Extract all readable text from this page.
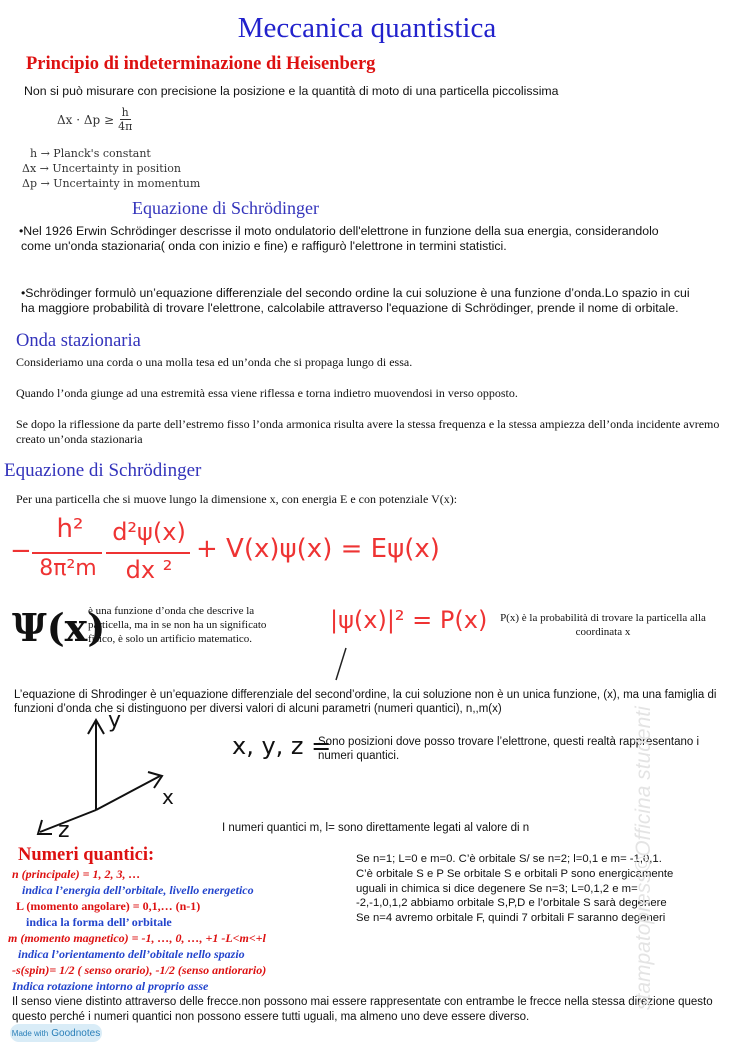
Meccanica quantistica
Principio di indeterminazione di Heisenberg
Non si può misurare con precisione la posizione e la quantità di moto di una particella piccolissima
$\Delta x \cdot \Delta p \ge \frac{h}{4\pi}$
h → Planck's constant
Δx → Uncertainty in position
Δp → Uncertainty in momentum
Equazione di Schrödinger
•Nel 1926 Erwin Schrödinger descrisse il moto ondulatorio dell'elettrone in funzione della sua energia, considerandolo come un'onda stazionaria( onda con inizio e fine) e raffigurò l'elettrone in termini statistici.
•Schrödinger formulò un’equazione differenziale del secondo ordine la cui soluzione è una funzione d’onda.Lo spazio in cui ha maggiore probabilità di trovare l'elettrone, calcolabile attraverso l'equazione di Schrödinger, prende il nome di orbitale.
Onda stazionaria
Consideriamo una corda o una molla tesa ed un’onda che si propaga lungo di essa.
Quando l’onda giunge ad una estremità essa viene riflessa e torna indietro muovendosi in verso opposto.
Se dopo la riflessione da parte dell’estremo fisso l’onda armonica risulta avere la stessa frequenza e la stessa ampiezza dell’onda incidente avremo creato un’onda stazionaria
Equazione di Schrödinger
Per una particella che si muove lungo la dimensione x, con energia E e con potenziale V(x):
−
h²
8π²m
d²ψ(x)
dx ²
+ V(x)ψ(x) = Eψ(x)
Ψ(x)
è una funzione d’onda che descrive la particella, ma in se non ha un significato fisico, è solo un artificio matematico.
|ψ(x)|² = P(x)	P(x) è la probabilità di trovare la particella alla coordinata x
L’equazione di Shrodinger è un’equazione differenziale del second’ordine, la cui soluzione non è un unica funzione, (x), ma una famiglia di funzioni d’onda che si distinguono per diversi valori di alcuni parametri (numeri quantici), n,,m(x)
y
x
z
x, y, z =
Sono posizioni dove posso trovare l’elettrone, questi realtà rappresentano i numeri quantici.
I numeri quantici m, l= sono direttamente legati al valore di n
Numeri quantici:
n (principale) = 1, 2, 3, …
indica l’energia dell’orbitale, livello energetico
L (momento angolare) = 0,1,… (n-1)
indica la forma dell’ orbitale
m (momento magnetico) = -1, …, 0, …, +1 -L<m<+l
indica l’orientamento dell’obitale nello spazio
-s(spin)= 1/2 ( senso orario), -1/2 (senso antiorario)
Indica rotazione intorno al proprio asse
Se n=1; L=0 e m=0. C’è orbitale S/ se n=2; l=0,1 e m= -1,0,1. C’è orbitale S e P Se orbitale S e orbitali P sono energicamente uguali in chimica si dice degenere Se n=3; L=0,1,2 e m= -2,-1,0,1,2 abbiamo orbitale S,P,D e l’orbitale S sarà degenere Se n=4 avremo orbitale F, quindi 7 orbitali F saranno degeneri
Il senso viene distinto attraverso delle frecce.non possono mai essere rappresentate con entrambe le frecce nella stessa direzione questo questo perché i numeri quantici non possono essere tutti uguali, ma almeno uno deve essere diverso.
Made with Goodnotes
stampatopress©Officina studenti
